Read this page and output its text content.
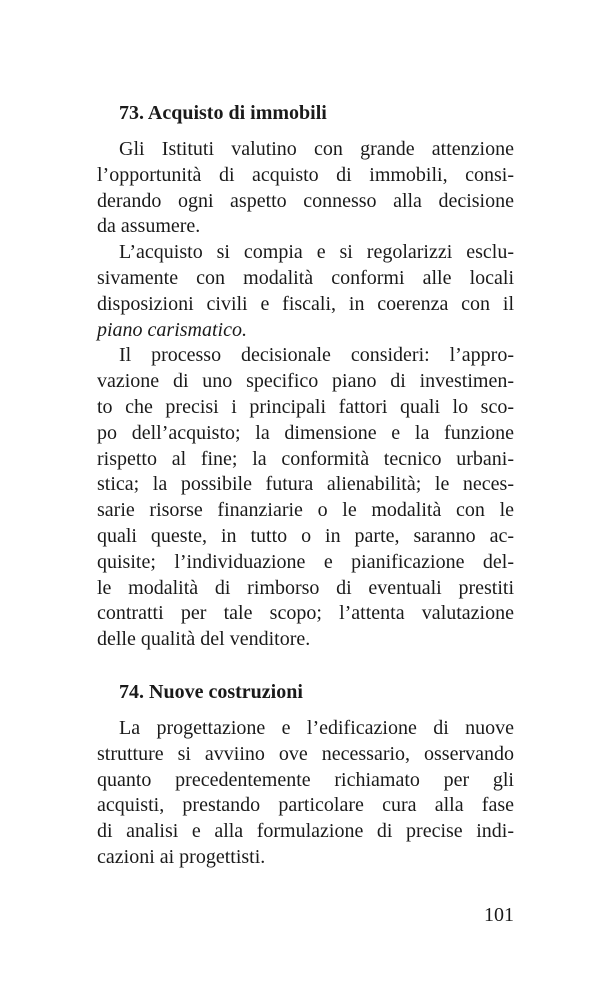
73. Acquisto di immobili
Gli Istituti valutino con grande attenzione
l’opportunità di acquisto di immobili, consi-
derando ogni aspetto connesso alla decisione
da assumere.
L’acquisto si compia e si regolarizzi esclu-
sivamente con modalità conformi alle locali
disposizioni civili e fiscali, in coerenza con il
piano carismatico.
Il processo decisionale consideri: l’appro-
vazione di uno specifico piano di investimen-
to che precisi i principali fattori quali lo sco-
po dell’acquisto; la dimensione e la funzione
rispetto al fine; la conformità tecnico urbani-
stica; la possibile futura alienabilità; le neces-
sarie risorse finanziarie o le modalità con le
quali queste, in tutto o in parte, saranno ac-
quisite; l’individuazione e pianificazione del-
le modalità di rimborso di eventuali prestiti
contratti per tale scopo; l’attenta valutazione
delle qualità del venditore.
74. Nuove costruzioni
La progettazione e l’edificazione di nuove
strutture si avviino ove necessario, osservando
quanto precedentemente richiamato per gli
acquisti, prestando particolare cura alla fase
di analisi e alla formulazione di precise indi-
cazioni ai progettisti.
101
